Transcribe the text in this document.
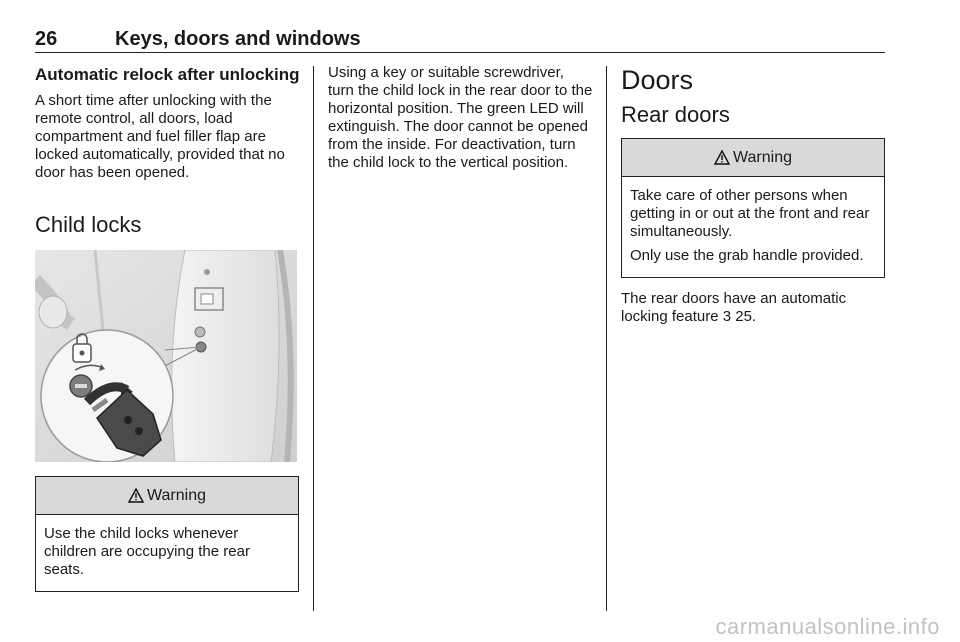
26	Keys, doors and windows
Automatic relock after unlocking

A short time after unlocking with the remote control, all doors, load compartment and fuel filler flap are locked automatically, provided that no door has been opened.

Child locks
Warning

Use the child locks whenever children are occupying the rear seats.

Using a key or suitable screwdriver, turn the child lock in the rear door to the horizontal position. The green LED will extinguish. The door cannot be opened from the inside. For deactivation, turn the child lock to the vertical position.

Doors
Rear doors
Warning

Take care of other persons when getting in or out at the front and rear simultaneously.

Only use the grab handle provided.

The rear doors have an automatic locking feature 3 25.

carmanualsonline.info
